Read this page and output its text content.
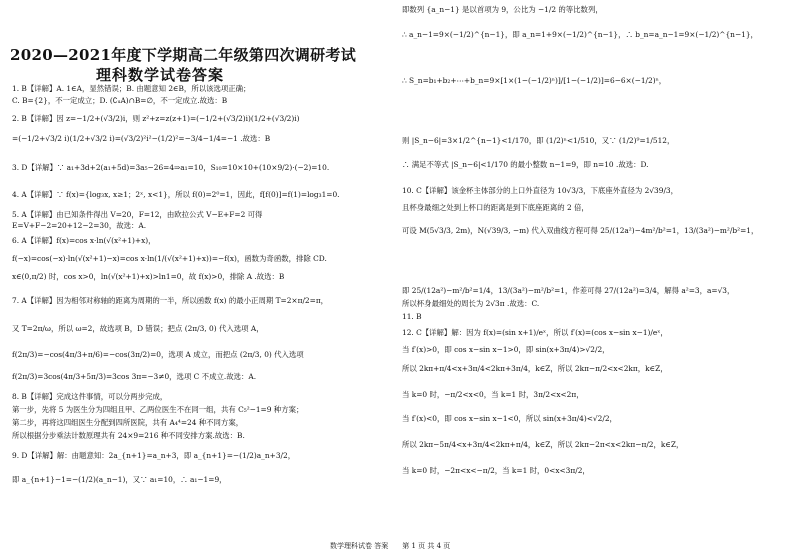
2020—2021年度下学期高二年级第四次调研考试
理科数学试卷答案
1. B【详解】A. 1∈A，显然错误；B. 由题意知 2∈B，所以该选项正确；
C. B={2}，不一定成立；D. (∁ᵤA)∩B=∅，不一定成立.故选：B
2. B【详解】因 z=−1/2+(√3/2)i，则 z²+z=z(z+1)=(−1/2+(√3/2)i)(1/2+(√3/2)i)
=(−1/2+√3/2 i)(1/2+√3/2 i)=(√3/2)²i²−(1/2)²=−3/4−1/4=−1 .故选：B
3. D【详解】∵ a₁+3d+2(a₁+5d)=3a₅−26=4⇒a₁=10，S₁₀=10×10+(10×9/2)·(−2)=10.
4. A【详解】∵ f(x)={log₃x, x≥1；2ˣ, x<1}，所以 f(0)=2⁰=1，因此，f[f(0)]=f(1)=log₃1=0.
5. A【详解】由已知条件得出 V=20，F=12，由欧拉公式 V−E+F=2 可得
E=V+F−2=20+12−2=30，故选：A.
6. A【详解】f(x)=cos x·ln(√(x²+1)+x)，
f(−x)=cos(−x)·ln(√(x²+1)−x)=cos x·ln(1/(√(x²+1)+x))=−f(x)，函数为奇函数，排除 CD.
x∈(0,π/2) 时，cos x>0，ln(√(x²+1)+x)>ln1=0，故 f(x)>0，排除 A .故选：B
7. A【详解】因为相邻对称轴的距离为周期的一半，所以函数 f(x) 的最小正周期 T=2×π/2=π，
又 T=2π/ω，所以 ω=2，故选项 B，D 错误；把点 (2π/3, 0) 代入选项 A，
f(2π/3)=−cos(4π/3+π/6)=−cos(3π/2)=0，选项 A 成立，而把点 (2π/3, 0) 代入选项
f(2π/3)=3cos(4π/3+5π/3)=3cos 3π=−3≠0，选项 C 不成立.故选：A.
8. B【详解】完成这件事情，可以分两步完成，
第一步，先将 5 为医生分为四组且甲、乙两位医生不在同一组，共有 C₅²−1=9 种方案；
第二步，再将这四组医生分配到四所医院，共有 A₄⁴=24 种不同方案，
所以根据分步乘法计数原理共有 24×9=216 种不同安排方案.故选：B.
9. D【详解】解：由题意知：2a_{n+1}=a_n+3，即 a_{n+1}=−(1/2)a_n+3/2，
即 a_{n+1}−1=−(1/2)(a_n−1)，又∵ a₁=10，∴ a₁−1=9，
即数列 {a_n−1} 是以首项为 9，公比为 −1/2 的等比数列，
∴ a_n−1=9×(−1/2)^{n−1}，即 a_n=1+9×(−1/2)^{n−1}，∴ b_n=a_n−1=9×(−1/2)^{n−1}，
∴ S_n=b₁+b₂+⋯+b_n=9×[1×(1−(−1/2)ⁿ)]/[1−(−1/2)]=6−6×(−1/2)ⁿ，
则 |S_n−6|=3×1/2^{n−1}<1/170，即 (1/2)ⁿ<1/510，又∵ (1/2)⁹=1/512，
∴ 满足不等式 |S_n−6|<1/170 的最小整数 n−1=9，即 n=10 .故选：D.
10. C【详解】该金杯主体部分的上口外直径为 10√3/3，下底座外直径为 2√39/3，
且杯身最细之处到上杯口的距离是到下底座距离的 2 倍，
可设 M(5√3/3, 2m)，N(√39/3, −m) 代入双曲线方程可得 25/(12a²)−4m²/b²=1，13/(3a²)−m²/b²=1，
即 25/(12a²)−m²/b²=1/4，13/(3a²)−m²/b²=1，作差可得 27/(12a²)=3/4，解得 a²=3，a=√3，
所以杯身最细处的周长为 2√3π .故选：C.
11. B
12. C【详解】解：因为 f(x)=(sin x+1)/eˣ，所以 f′(x)=(cos x−sin x−1)/eˣ，
当 f′(x)>0，即 cos x−sin x−1>0，即 sin(x+3π/4)>√2/2，
所以 2kπ+π/4<x+3π/4<2kπ+3π/4，k∈Z，所以 2kπ−π/2<x<2kπ，k∈Z，
当 k=0 时，−π/2<x<0，当 k=1 时，3π/2<x<2π，
当 f′(x)<0，即 cos x−sin x−1<0，所以 sin(x+3π/4)<√2/2，
所以 2kπ−5π/4<x+3π/4<2kπ+π/4，k∈Z，所以 2kπ−2π<x<2kπ−π/2，k∈Z，
当 k=0 时，−2π<x<−π/2，当 k=1 时，0<x<3π/2，
数学理科试卷 答案　　第 1 页 共 4 页
